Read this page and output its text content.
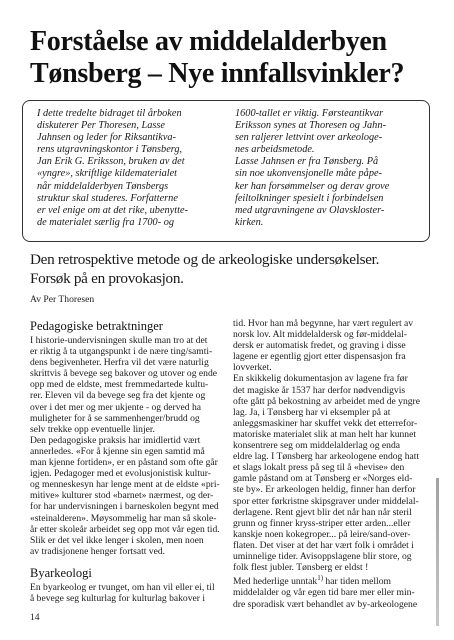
Forståelse av middelalderbyen
Tønsberg – Nye innfallsvinkler?
I dette tredelte bidraget til årboken
diskuterer Per Thoresen, Lasse
Jahnsen og leder for Riksantikva-
rens utgravningskontor i Tønsberg,
Jan Erik G. Eriksson, bruken av det
«yngre», skriftlige kildematerialet
når middelalderbyen Tønsbergs
struktur skal studeres. Forfatterne
er vel enige om at det rike, ubenytte-
de materialet særlig fra 1700- og
1600-tallet er viktig. Førsteantikvar
Eriksson synes at Thoresen og Jahn-
sen raljerer lettvint over arkeologe-
nes arbeidsmetode.
Lasse Jahnsen er fra Tønsberg. På
sin noe ukonvensjonelle måte påpe-
ker han forsømmelser og derav grove
feiltolkninger spesielt i forbindelsen
med utgravningene av Olavskloster-
kirken.
Den retrospektive metode og de arkeologiske undersøkelser.
Forsøk på en provokasjon.
Av Per Thoresen
Pedagogiske betraktninger
I historie-undervisningen skulle man tro at det
er riktig å ta utgangspunkt i de nære ting/samti-
dens begivenheter. Herfra vil det være naturlig
skrittvis å bevege seg bakover og utover og ende
opp med de eldste, mest fremmedartede kultu-
rer. Eleven vil da bevege seg fra det kjente og
over i det mer og mer ukjente - og derved ha
muligheter for å se sammenhenger/brudd og
selv trekke opp eventuelle linjer.
Den pedagogiske praksis har imidlertid vært
annerledes. «For å kjenne sin egen samtid må
man kjenne fortiden», er en påstand som ofte går
igjen. Pedagoger med et evolusjonistisk kultur-
og menneskesyn har lenge ment at de eldste «pri-
mitive» kulturer stod «barnet» nærmest, og der-
for har undervisningen i barneskolen begynt med
«steinalderen». Møysommelig har man så skole-
år etter skoleår arbeidet seg opp mot vår egen tid.
Slik er det vel ikke lenger i skolen, men noen
av tradisjonene henger fortsatt ved.
Byarkeologi
En byarkeolog er tvunget, om han vil eller ei, til
å bevege seg kulturlag for kulturlag bakover i
tid. Hvor han må begynne, har vært regulert av
norsk lov. Alt middelaldersk og før-middelal-
dersk er automatisk fredet, og graving i disse
lagene er egentlig gjort etter dispensasjon fra
lovverket.
En skikkelig dokumentasjon av lagene fra før
det magiske år 1537 har derfor nødvendigvis
ofte gått på bekostning av arbeidet med de yngre
lag. Ja, i Tønsberg har vi eksempler på at
anleggsmaskiner har skuffet vekk det etterrefor-
matoriske materialet slik at man helt har kunnet
konsentrere seg om middelalderlag og enda
eldre lag. I Tønsberg har arkeologene endog hatt
et slags lokalt press på seg til å «hevise» den
gamle påstand om at Tønsberg er «Norges eld-
ste by». Er arkeologen heldig, finner han derfor
spor etter førkristne skipsgraver under middelal-
derlagene. Rent gjevt blir det når han når steril
grunn og finner kryss-striper etter arden...eller
kanskje noen kokegroper... på leire/sand-over-
flaten. Det viser at det har vært folk i området i
uminnelige tider. Avisoppslagene blir store, og
folk flest jubler. Tønsberg er eldst !
Med hederlige unntak$^{1)}$ har tiden mellom
middelalder og vår egen tid bare mer eller min-
dre sporadisk vært behandlet av by-arkeologene
14
